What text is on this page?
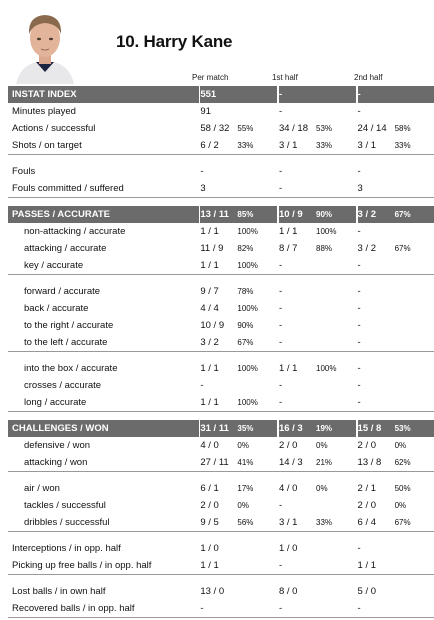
10. Harry Kane
Per match	1st half	2nd half
INSTAT INDEX		551			-			-	
Minutes played		91			-			-	
Actions / successful		58 / 32	55%		34 / 18	53%		24 / 14	58%
Shots / on target		6 / 2	33%		3 / 1	33%		3 / 1	33%

Fouls		-			-			-	
Fouls committed / suffered		3			-			3	

PASSES / ACCURATE		13 / 11	85%		10 / 9	90%		3 / 2	67%
non-attacking / accurate		1 / 1	100%		1 / 1	100%		-	
attacking / accurate		11 / 9	82%		8 / 7	88%		3 / 2	67%
key / accurate		1 / 1	100%		-			-	

forward / accurate		9 / 7	78%		-			-	
back / accurate		4 / 4	100%		-			-	
to the right / accurate		10 / 9	90%		-			-	
to the left / accurate		3 / 2	67%		-			-	

into the box / accurate		1 / 1	100%		1 / 1	100%		-	
crosses / accurate		-			-			-	
long / accurate		1 / 1	100%		-			-	

CHALLENGES / WON		31 / 11	35%		16 / 3	19%		15 / 8	53%
defensive / won		4 / 0	0%		2 / 0	0%		2 / 0	0%
attacking / won		27 / 11	41%		14 / 3	21%		13 / 8	62%

air / won		6 / 1	17%		4 / 0	0%		2 / 1	50%
tackles / successful		2 / 0	0%		-			2 / 0	0%
dribbles / successful		9 / 5	56%		3 / 1	33%		6 / 4	67%

Interceptions / in opp. half		1 / 0			1 / 0			-	
Picking up free balls / in opp. half		1 / 1			-			1 / 1	

Lost balls / in own half		13 / 0			8 / 0			5 / 0	
Recovered balls / in opp. half		-			-			-	
